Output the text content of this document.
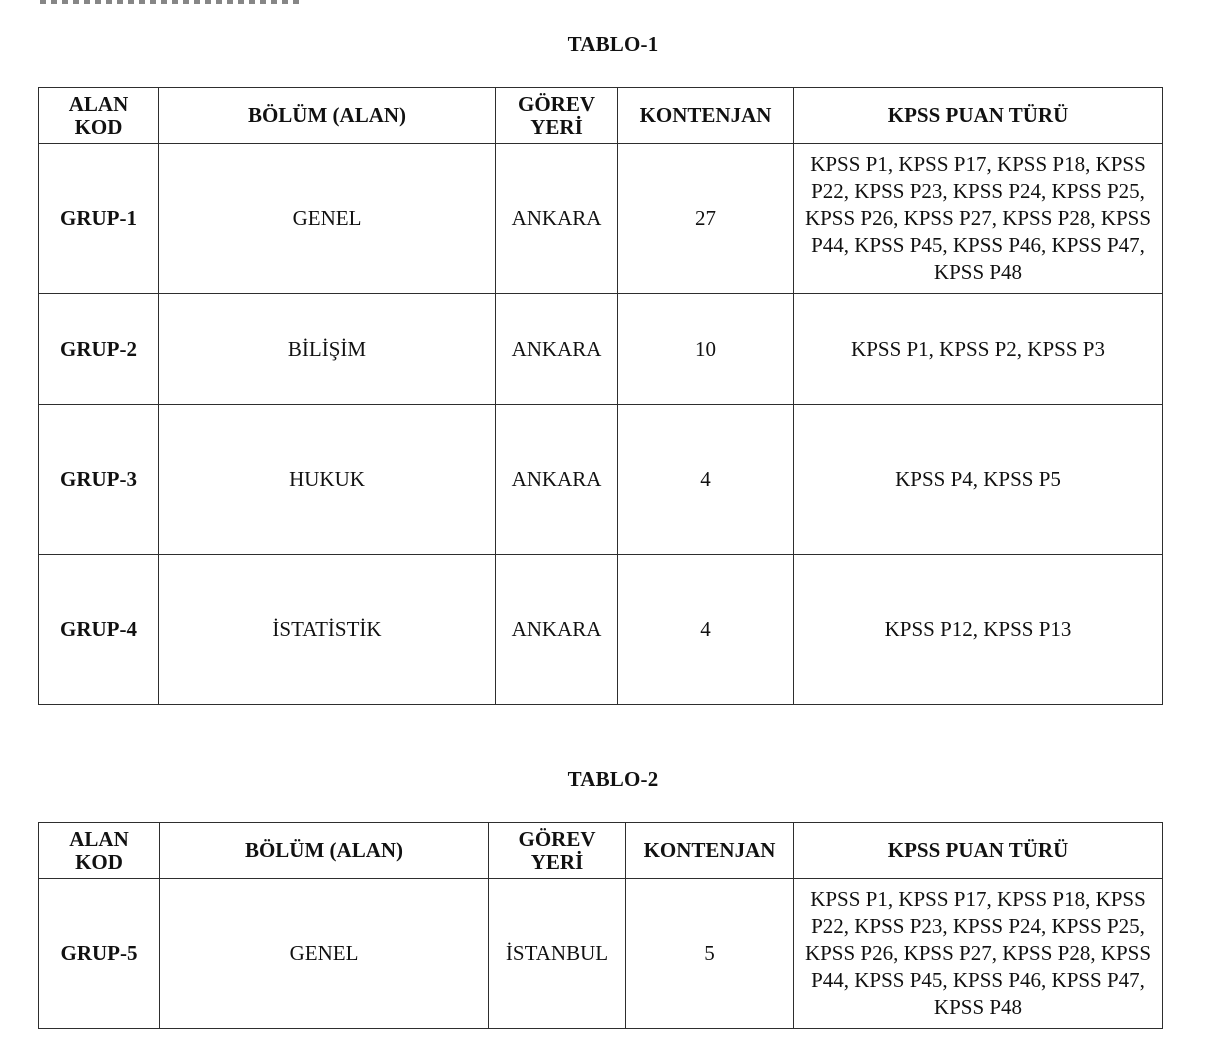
TABLO-1
ALAN KOD	BÖLÜM (ALAN)	GÖREV YERİ	KONTENJAN	KPSS PUAN TÜRÜ
GRUP-1	GENEL	ANKARA	27	KPSS P1, KPSS P17, KPSS P18, KPSS P22, KPSS P23, KPSS P24, KPSS P25, KPSS P26, KPSS P27, KPSS P28, KPSS P44, KPSS P45, KPSS P46, KPSS P47, KPSS P48
GRUP-2	BİLİŞİM	ANKARA	10	KPSS P1, KPSS P2, KPSS P3
GRUP-3	HUKUK	ANKARA	4	KPSS P4, KPSS P5
GRUP-4	İSTATİSTİK	ANKARA	4	KPSS P12, KPSS P13
TABLO-2
ALAN KOD	BÖLÜM (ALAN)	GÖREV YERİ	KONTENJAN	KPSS PUAN TÜRÜ
GRUP-5	GENEL	İSTANBUL	5	KPSS P1, KPSS P17, KPSS P18, KPSS P22, KPSS P23, KPSS P24, KPSS P25, KPSS P26, KPSS P27, KPSS P28, KPSS P44, KPSS P45, KPSS P46, KPSS P47, KPSS P48
